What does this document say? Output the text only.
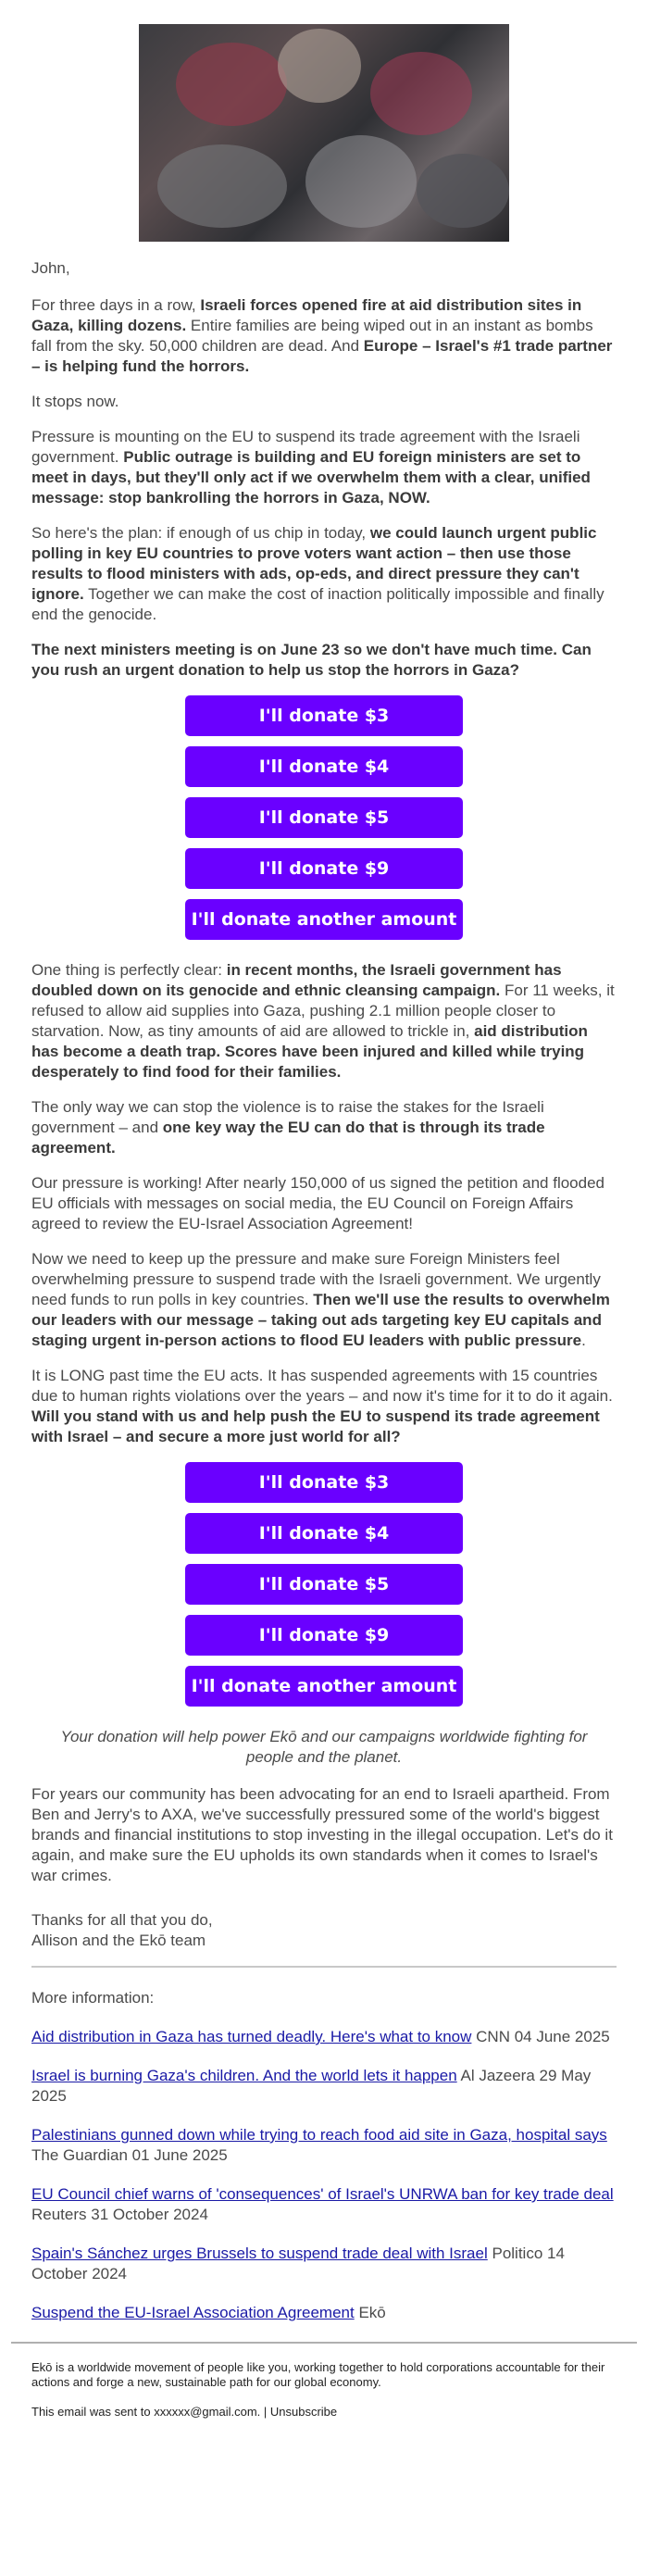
John,

For three days in a row, Israeli forces opened fire at aid distribution sites in Gaza, killing dozens. Entire families are being wiped out in an instant as bombs fall from the sky. 50,000 children are dead. And Europe – Israel's #1 trade partner – is helping fund the horrors.

It stops now.

Pressure is mounting on the EU to suspend its trade agreement with the Israeli government. Public outrage is building and EU foreign ministers are set to meet in days, but they'll only act if we overwhelm them with a clear, unified message: stop bankrolling the horrors in Gaza, NOW.

So here's the plan: if enough of us chip in today, we could launch urgent public polling in key EU countries to prove voters want action – then use those results to flood ministers with ads, op-eds, and direct pressure they can't ignore. Together we can make the cost of inaction politically impossible and finally end the genocide.

The next ministers meeting is on June 23 so we don't have much time. Can you rush an urgent donation to help us stop the horrors in Gaza?

I'll donate $3
I'll donate $4
I'll donate $5
I'll donate $9
I'll donate another amount

One thing is perfectly clear: in recent months, the Israeli government has doubled down on its genocide and ethnic cleansing campaign. For 11 weeks, it refused to allow aid supplies into Gaza, pushing 2.1 million people closer to starvation. Now, as tiny amounts of aid are allowed to trickle in, aid distribution has become a death trap. Scores have been injured and killed while trying desperately to find food for their families.

The only way we can stop the violence is to raise the stakes for the Israeli government – and one key way the EU can do that is through its trade agreement.

Our pressure is working! After nearly 150,000 of us signed the petition and flooded EU officials with messages on social media, the EU Council on Foreign Affairs agreed to review the EU-Israel Association Agreement!

Now we need to keep up the pressure and make sure Foreign Ministers feel overwhelming pressure to suspend trade with the Israeli government. We urgently need funds to run polls in key countries. Then we'll use the results to overwhelm our leaders with our message – taking out ads targeting key EU capitals and staging urgent in-person actions to flood EU leaders with public pressure.

It is LONG past time the EU acts. It has suspended agreements with 15 countries due to human rights violations over the years – and now it's time for it to do it again. Will you stand with us and help push the EU to suspend its trade agreement with Israel – and secure a more just world for all?

I'll donate $3
I'll donate $4
I'll donate $5
I'll donate $9
I'll donate another amount

Your donation will help power Ekō and our campaigns worldwide fighting for people and the planet.

For years our community has been advocating for an end to Israeli apartheid. From Ben and Jerry's to AXA, we've successfully pressured some of the world's biggest brands and financial institutions to stop investing in the illegal occupation. Let's do it again, and make sure the EU upholds its own standards when it comes to Israel's war crimes.

Thanks for all that you do,
Allison and the Ekō team

More information:

Aid distribution in Gaza has turned deadly. Here's what to know CNN 04 June 2025

Israel is burning Gaza's children. And the world lets it happen Al Jazeera 29 May 2025

Palestinians gunned down while trying to reach food aid site in Gaza, hospital says The Guardian 01 June 2025

EU Council chief warns of 'consequences' of Israel's UNRWA ban for key trade deal Reuters 31 October 2024

Spain's Sánchez urges Brussels to suspend trade deal with Israel Politico 14 October 2024

Suspend the EU-Israel Association Agreement Ekō

Ekō is a worldwide movement of people like you, working together to hold corporations accountable for their actions and forge a new, sustainable path for our global economy.

This email was sent to xxxxxx@gmail.com. | Unsubscribe
